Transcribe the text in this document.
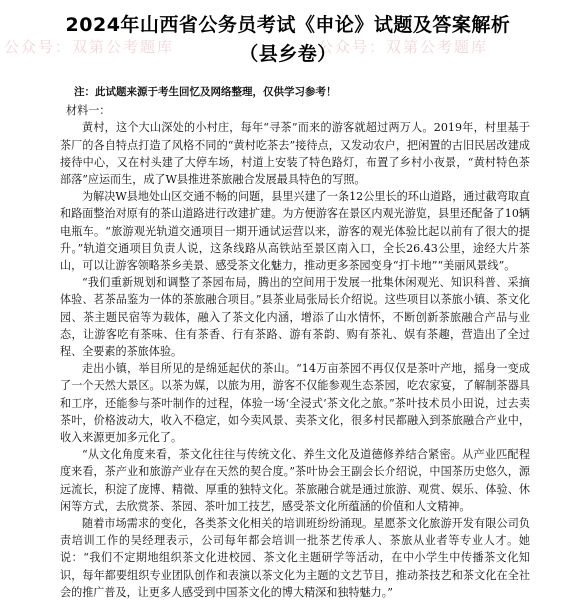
公众号：双第公考题库	公众号：双第公考题库
2024年山西省公务员考试《申论》试题及答案解析
（县乡卷）
注：此试题来源于考生回忆及网络整理，仅供学习参考！
材料一：

黄村，这个大山深处的小村庄，每年“寻茶”而来的游客就超过两万人。2019年，村里基于茶厂的各自特点打造了风格不同的“黄村吃茶去”接待点，又发动农户，把闲置的古旧民居改建成接待中心，又在村头建了大停车场，村道上安装了特色路灯，布置了乡村小夜景，“黄村特色茶部落”应运而生，成了W县推进茶旅融合发展最具特色的写照。

为解决W县地处山区交通不畅的问题，县里兴建了一条12公里长的环山道路，通过截弯取直和路面整治对原有的茶山道路进行改建扩建。为方便游客在景区内观光游览，县里还配备了10辆电瓶车。“旅游观光轨道交通项目一期开通试运营以来，游客的观光体验比起以前有了很大的提升。”轨道交通项目负责人说，这条线路从高铁站至景区南入口，全长26.43公里，途经大片茶山，可以让游客领略茶乡美景、感受茶文化魅力，推动更多茶园变身“打卡地”“美丽风景线”。

“我们重新规划和调整了茶园布局，腾出的空间用于发展一批集休闲观光、知识科普、采摘体验、茗茶品鉴为一体的茶旅融合项目。”县茶业局张局长介绍说。这些项目以茶旅小镇、茶文化园、茶主题民宿等为载体，融入了茶文化内涵，增添了山水情怀，不断创新茶旅融合产品与业态，让游客吃有茶味、住有茶香、行有茶路、游有茶韵、购有茶礼、娱有茶趣，营造出了全过程、全要素的茶旅体验。

走出小镇，举目所见的是绵延起伏的茶山。“14万亩茶园不再仅仅是茶叶产地，摇身一变成了一个天然大景区。以茶为媒，以旅为用，游客不仅能参观生态茶园，吃农家宴，了解制茶器具和工序，还能参与茶叶制作的过程，体验一场‘全浸式’茶文化之旅。”茶叶技术员小田说，过去卖茶叶，价格波动大，收入不稳定，如今卖风景、卖茶文化，很多村民都融入到茶旅融合产业中，收入来源更加多元化了。

“从文化角度来看，茶文化往往与传统文化、养生文化及道德修养结合紧密。从产业匹配程度来看，茶产业和旅游产业存在天然的契合度。”茶叶协会王副会长介绍说，中国茶历史悠久，源远流长，积淀了庞博、精微、厚重的独特文化。茶旅融合就是通过旅游、观赏、娱乐、体验、休闲等方式，去欣赏茶、茶园、茶叶加工技艺，感受茶文化所蕴涵的价值和人文精神。

随着市场需求的变化，各类茶文化相关的培训班纷纷涌现。星愿茶文化旅游开发有限公司负责培训工作的吴经理表示，公司每年都会培训一批茶艺传承人、茶旅从业者等专业人才。她说：“我们不定期地组织茶文化进校园、茶文化主题研学等活动，在中小学生中传播茶文化知识，每年都要组织专业团队创作和表演以茶文化为主题的文艺节目，推动茶技艺和茶文化在全社会的推广普及，让更多人感受到中国茶文化的博大精深和独特魅力。”
